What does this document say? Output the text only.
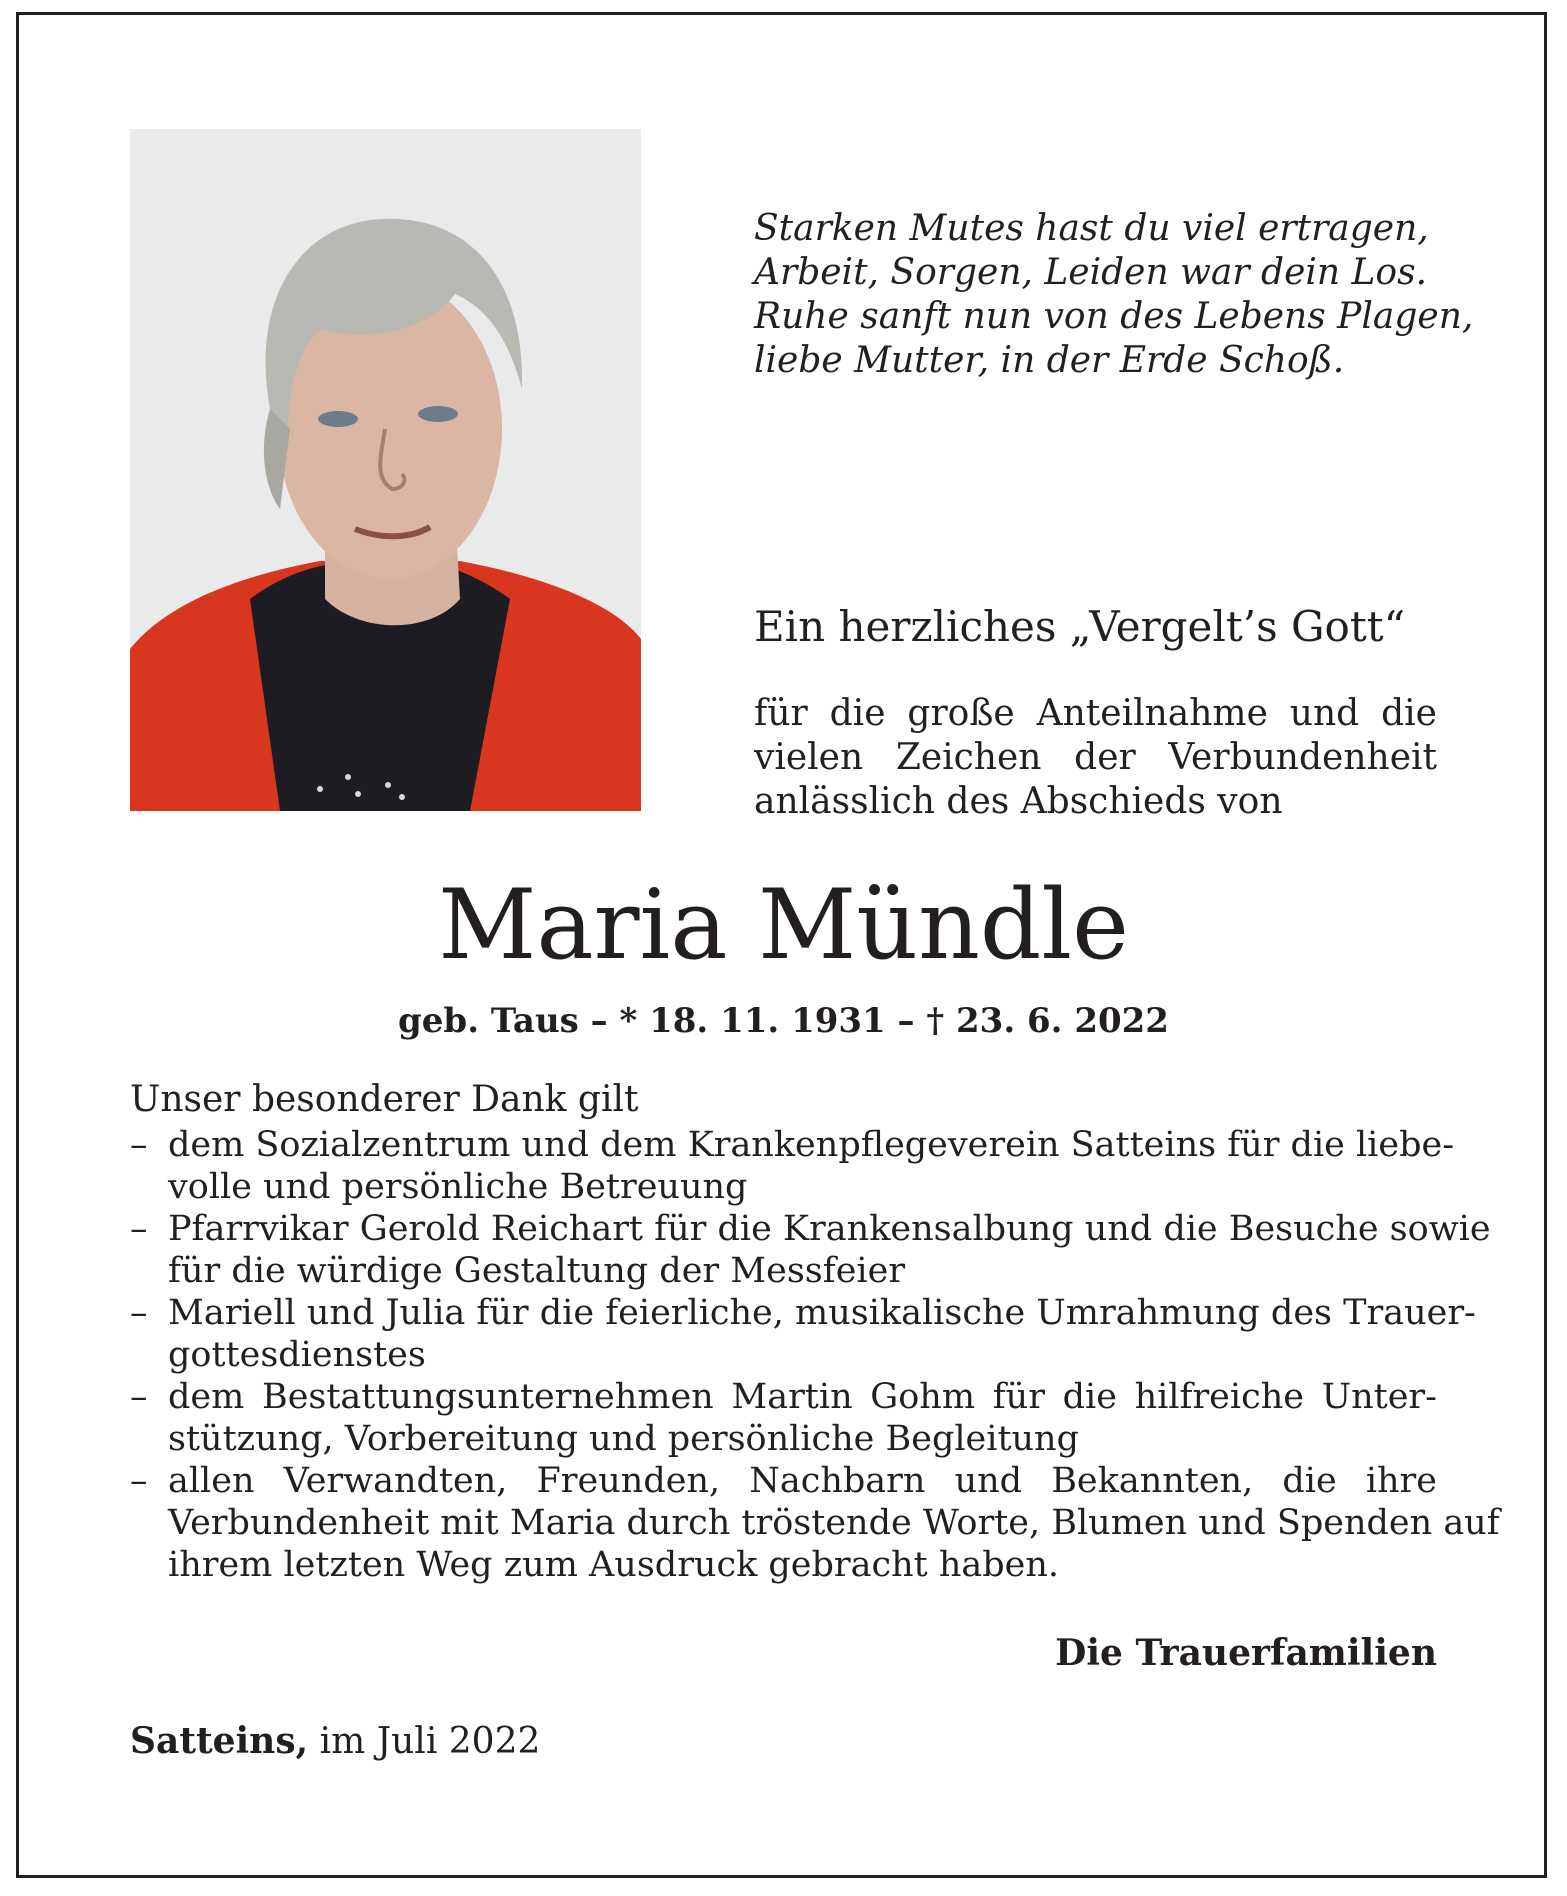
Starken Mutes hast du viel ertragen,
Arbeit, Sorgen, Leiden war dein Los.
Ruhe sanft nun von des Lebens Plagen,
liebe Mutter, in der Erde Schoß.
Ein herzliches „Vergelt’s Gott“
für die große Anteilnahme und die
vielen Zeichen der Verbundenheit
anlässlich des Abschieds von
Maria Mündle
geb. Taus – * 18. 11. 1931 – † 23. 6. 2022
Unser besonderer Dank gilt
– dem Sozialzentrum und dem Krankenpflegeverein Satteins für die liebe-
volle und persönliche Betreuung
– Pfarrvikar Gerold Reichart für die Krankensalbung und die Besuche sowie
für die würdige Gestaltung der Messfeier
– Mariell und Julia für die feierliche, musikalische Umrahmung des Trauer-
gottesdienstes
– dem Bestattungsunternehmen Martin Gohm für die hilfreiche Unter-
stützung, Vorbereitung und persönliche Begleitung
– allen Verwandten, Freunden, Nachbarn und Bekannten, die ihre
Verbundenheit mit Maria durch tröstende Worte, Blumen und Spenden auf
ihrem letzten Weg zum Ausdruck gebracht haben.
Die Trauerfamilien
Satteins, im Juli 2022
